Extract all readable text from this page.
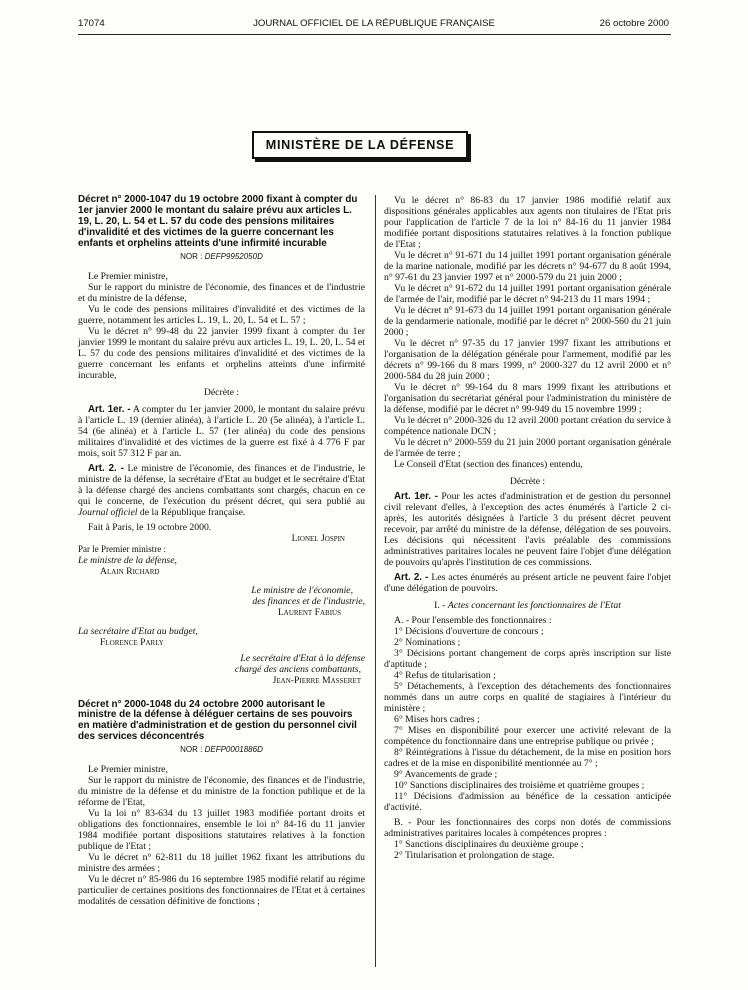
17074	JOURNAL OFFICIEL DE LA RÉPUBLIQUE FRANÇAISE	26 octobre 2000
MINISTÈRE DE LA DÉFENSE

Décret n° 2000-1047 du 19 octobre 2000 fixant à compter du 1er janvier 2000 le montant du salaire prévu aux articles L. 19, L. 20, L. 54 et L. 57 du code des pensions militaires d'invalidité et des victimes de la guerre concernant les enfants et orphelins atteints d'une infirmité incurable

NOR : DEFP9952050D

Le Premier ministre,

Sur le rapport du ministre de l'économie, des finances et de l'industrie et du ministre de la défense,

Vu le code des pensions militaires d'invalidité et des victimes de la guerre, notamment les articles L. 19, L. 20, L. 54 et L. 57 ;

Vu le décret n° 99-48 du 22 janvier 1999 fixant à compter du 1er janvier 1999 le montant du salaire prévu aux articles L. 19, L. 20, L. 54 et L. 57 du code des pensions militaires d'invalidité et des victimes de la guerre concernant les enfants et orphelins atteints d'une infirmité incurable,

Décrète :

Art. 1er. - A compter du 1er janvier 2000, le montant du salaire prévu à l'article L. 19 (dernier alinéa), à l'article L. 20 (5e alinéa), à l'article L. 54 (6e alinéa) et à l'article L. 57 (1er alinéa) du code des pensions militaires d'invalidité et des victimes de la guerre est fixé à 4 776 F par mois, soit 57 312 F par an.

Art. 2. - Le ministre de l'économie, des finances et de l'industrie, le ministre de la défense, la secrétaire d'Etat au budget et le secrétaire d'Etat à la défense chargé des anciens combattants sont chargés, chacun en ce qui le concerne, de l'exécution du présent décret, qui sera publié au Journal officiel de la République française.

Fait à Paris, le 19 octobre 2000.

Lionel Jospin

Par le Premier ministre :

Le ministre de la défense,

Alain Richard

Le ministre de l'économie,

des finances et de l'industrie,

Laurent Fabius

La secrétaire d'Etat au budget,

Florence Parly

Le secrétaire d'Etat à la défense

chargé des anciens combattants,

Jean-Pierre Masseret

Décret n° 2000-1048 du 24 octobre 2000 autorisant le ministre de la défense à déléguer certains de ses pouvoirs en matière d'administration et de gestion du personnel civil des services déconcentrés

NOR : DEFP0001886D

Le Premier ministre,

Sur le rapport du ministre de l'économie, des finances et de l'industrie, du ministre de la défense et du ministre de la fonction publique et de la réforme de l'Etat,

Vu la loi n° 83-634 du 13 juillet 1983 modifiée portant droits et obligations des fonctionnaires, ensemble le loi n° 84-16 du 11 janvier 1984 modifiée portant dispositions statutaires relatives à la fonction publique de l'Etat ;

Vu le décret n° 62-811 du 18 juillet 1962 fixant les attributions du ministre des armées ;

Vu le décret n° 85-986 du 16 septembre 1985 modifié relatif au régime particulier de certaines positions des fonctionnaires de l'Etat et à certaines modalités de cessation définitive de fonctions ;

Vu le décret n° 86-83 du 17 janvier 1986 modifié relatif aux dispositions générales applicables aux agents non titulaires de l'Etat pris pour l'application de l'article 7 de la loi n° 84-16 du 11 janvier 1984 modifiée portant dispositions statutaires relatives à la fonction publique de l'Etat ;

Vu le décret n° 91-671 du 14 juillet 1991 portant organisation générale de la marine nationale, modifié par les décrets n° 94-677 du 8 août 1994, n° 97-61 du 23 janvier 1997 et n° 2000-579 du 21 juin 2000 ;

Vu le décret n° 91-672 du 14 juillet 1991 portant organisation générale de l'armée de l'air, modifié par le décret n° 94-213 du 11 mars 1994 ;

Vu le décret n° 91-673 du 14 juillet 1991 portant organisation générale de la gendarmerie nationale, modifié par le décret n° 2000-560 du 21 juin 2000 ;

Vu le décret n° 97-35 du 17 janvier 1997 fixant les attributions et l'organisation de la délégation générale pour l'armement, modifié par les décrets n° 99-166 du 8 mars 1999, n° 2000-327 du 12 avril 2000 et n° 2000-584 du 28 juin 2000 ;

Vu le décret n° 99-164 du 8 mars 1999 fixant les attributions et l'organisation du secrétariat général pour l'administration du ministère de la défense, modifié par le décret n° 99-949 du 15 novembre 1999 ;

Vu le décret n° 2000-326 du 12 avril 2000 portant création du service à compétence nationale DCN ;

Vu le décret n° 2000-559 du 21 juin 2000 portant organisation générale de l'armée de terre ;

Le Conseil d'Etat (section des finances) entendu,

Décrète :

Art. 1er. - Pour les actes d'administration et de gestion du personnel civil relevant d'elles, à l'exception des actes énumérés à l'article 2 ci-après, les autorités désignées à l'article 3 du présent décret peuvent recevoir, par arrêté du ministre de la défense, délégation de ses pouvoirs. Les décisions qui nécessitent l'avis préalable des commissions administratives paritaires locales ne peuvent faire l'objet d'une délégation de pouvoirs qu'après l'institution de ces commissions.

Art. 2. - Les actes énumérés au présent article ne peuvent faire l'objet d'une délégation de pouvoirs.

I. - Actes concernant les fonctionnaires de l'Etat

A. - Pour l'ensemble des fonctionnaires :

1° Décisions d'ouverture de concours ;

2° Nominations ;

3° Décisions portant changement de corps après inscription sur liste d'aptitude ;

4° Refus de titularisation ;

5° Détachements, à l'exception des détachements des fonctionnaires nommés dans un autre corps en qualité de stagiaires à l'intérieur du ministère ;

6° Mises hors cadres ;

7° Mises en disponibilité pour exercer une activité relevant de la compétence du fonctionnaire dans une entreprise publique ou privée ;

8° Réintégrations à l'issue du détachement, de la mise en position hors cadres et de la mise en disponibilité mentionnée au 7° ;

9° Avancements de grade ;

10° Sanctions disciplinaires des troisième et quatrième groupes ;

11° Décisions d'admission au bénéfice de la cessation anticipée d'activité.

B. - Pour les fonctionnaires des corps non dotés de commissions administratives paritaires locales à compétences propres :

1° Sanctions disciplinaires du deuxième groupe ;

2° Titularisation et prolongation de stage.
